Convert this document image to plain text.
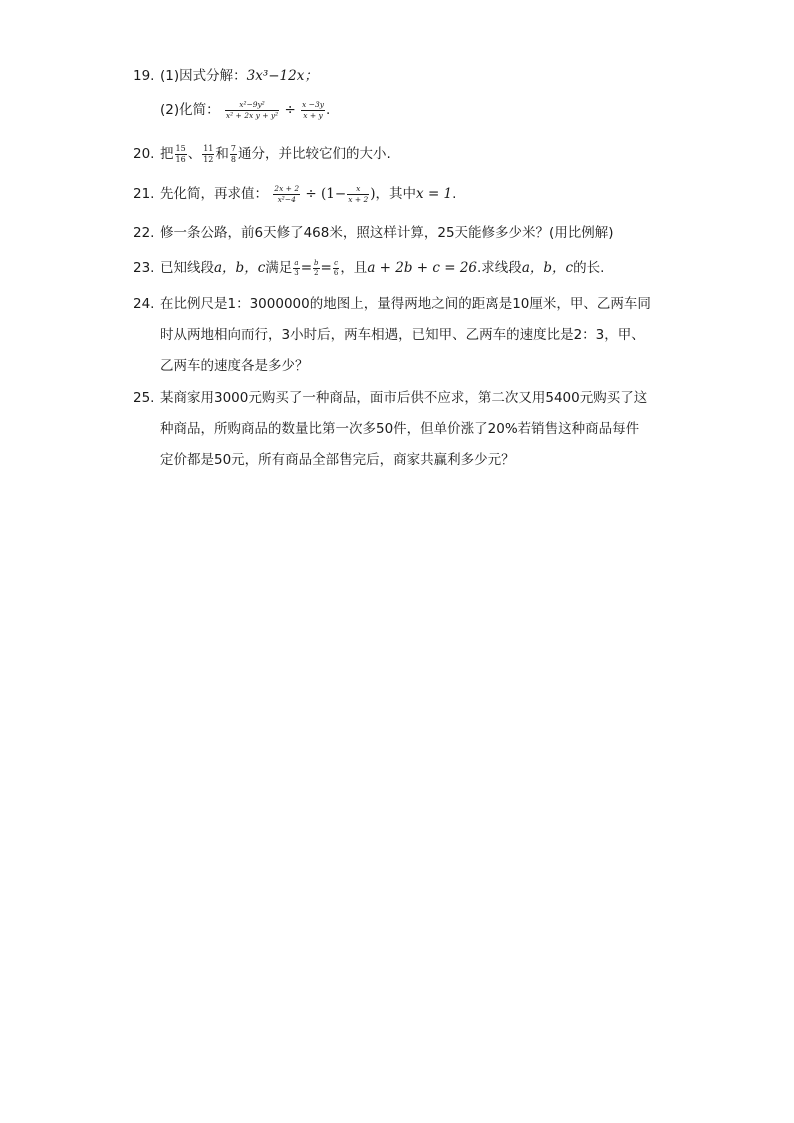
19. (1)因式分解：3x³−12x；
(2)化简： $\frac{\text{x²−9y²}}{\text{x² + 2x y + y²}} \div \frac{x -3y}{x + y}$ .
20. 把 $\frac{15}{16}$ 、 $\frac{11}{12}$ 和 $\frac{7}{8}$ 通分，并比较它们的大小.
21. 先化简，再求值： $\frac{2x + 2}{\text{x²−4}} \div (1- \frac{x}{x + 2}$ )，其中x = 1.
22. 修一条公路，前6天修了468米，照这样计算，25天能修多少米？(用比例解)
23. 已知线段a，b，c满足 $\frac{a}{3} = \frac{b}{2} = \frac{c}{6}$ ，且a + 2b + c = 26.求线段a，b，c的长.
24. 在比例尺是1：3000000的地图上，量得两地之间的距离是10厘米，甲、乙两车同
时从两地相向而行，3小时后，两车相遇，已知甲、乙两车的速度比是2：3，甲、
乙两车的速度各是多少？
25. 某商家用3000元购买了一种商品，面市后供不应求，第二次又用5400元购买了这
种商品，所购商品的数量比第一次多50件，但单价涨了20%若销售这种商品每件
定价都是50元，所有商品全部售完后，商家共赢利多少元？
